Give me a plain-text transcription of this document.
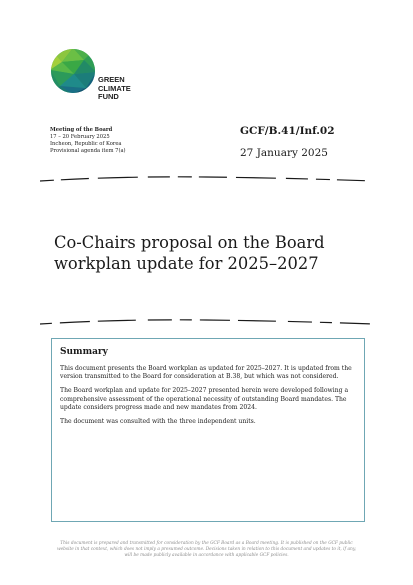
GREEN
CLIMATE
FUND
Meeting of the Board
17 – 20 February 2025
Incheon, Republic of Korea
Provisional agenda item 7(a)
GCF/B.41/Inf.02
27 January 2025
Co-Chairs proposal on the Board
workplan update for 2025–2027
Summary

This document presents the Board workplan as updated for 2025–2027. It is updated from the version transmitted to the Board for consideration at B.38, but which was not considered.

The Board workplan and update for 2025–2027 presented herein were developed following a comprehensive assessment of the operational necessity of outstanding Board mandates. The update considers progress made and new mandates from 2024.

The document was consulted with the three independent units.

This document is prepared and transmitted for consideration by the GCF Board as a Board meeting. It is published on the GCF public
website in that context, which does not imply a presumed outcome. Decisions taken in relation to this document and updates to it, if any,
will be made publicly available in accordance with applicable GCF policies.
